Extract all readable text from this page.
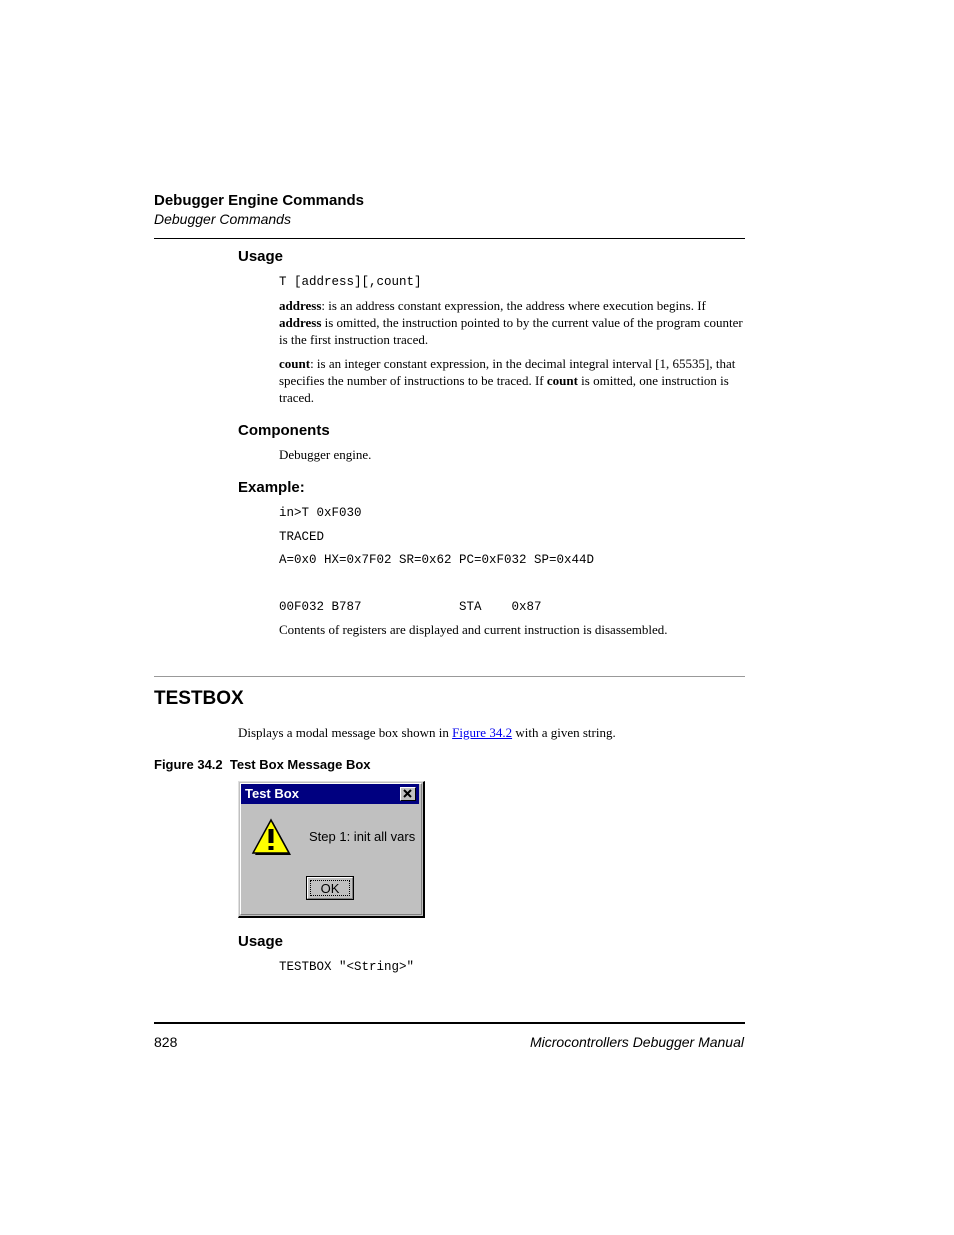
Debugger Engine Commands
Debugger Commands
Usage
T [address][,count]
address: is an address constant expression, the address where execution begins. If address is omitted, the instruction pointed to by the current value of the program counter is the first instruction traced.
count: is an integer constant expression, in the decimal integral interval [1, 65535], that specifies the number of instructions to be traced. If count is omitted, one instruction is traced.
Components
Debugger engine.
Example:
in>T 0xF030
TRACED
A=0x0 HX=0x7F02 SR=0x62 PC=0xF032 SP=0x44D
00F032 B787             STA    0x87
Contents of registers are displayed and current instruction is disassembled.
TESTBOX
Displays a modal message box shown in Figure 34.2 with a given string.
Figure 34.2  Test Box Message Box
Test Box
Step 1: init all vars
OK
Usage
TESTBOX "<String>"
828	Microcontrollers Debugger Manual
